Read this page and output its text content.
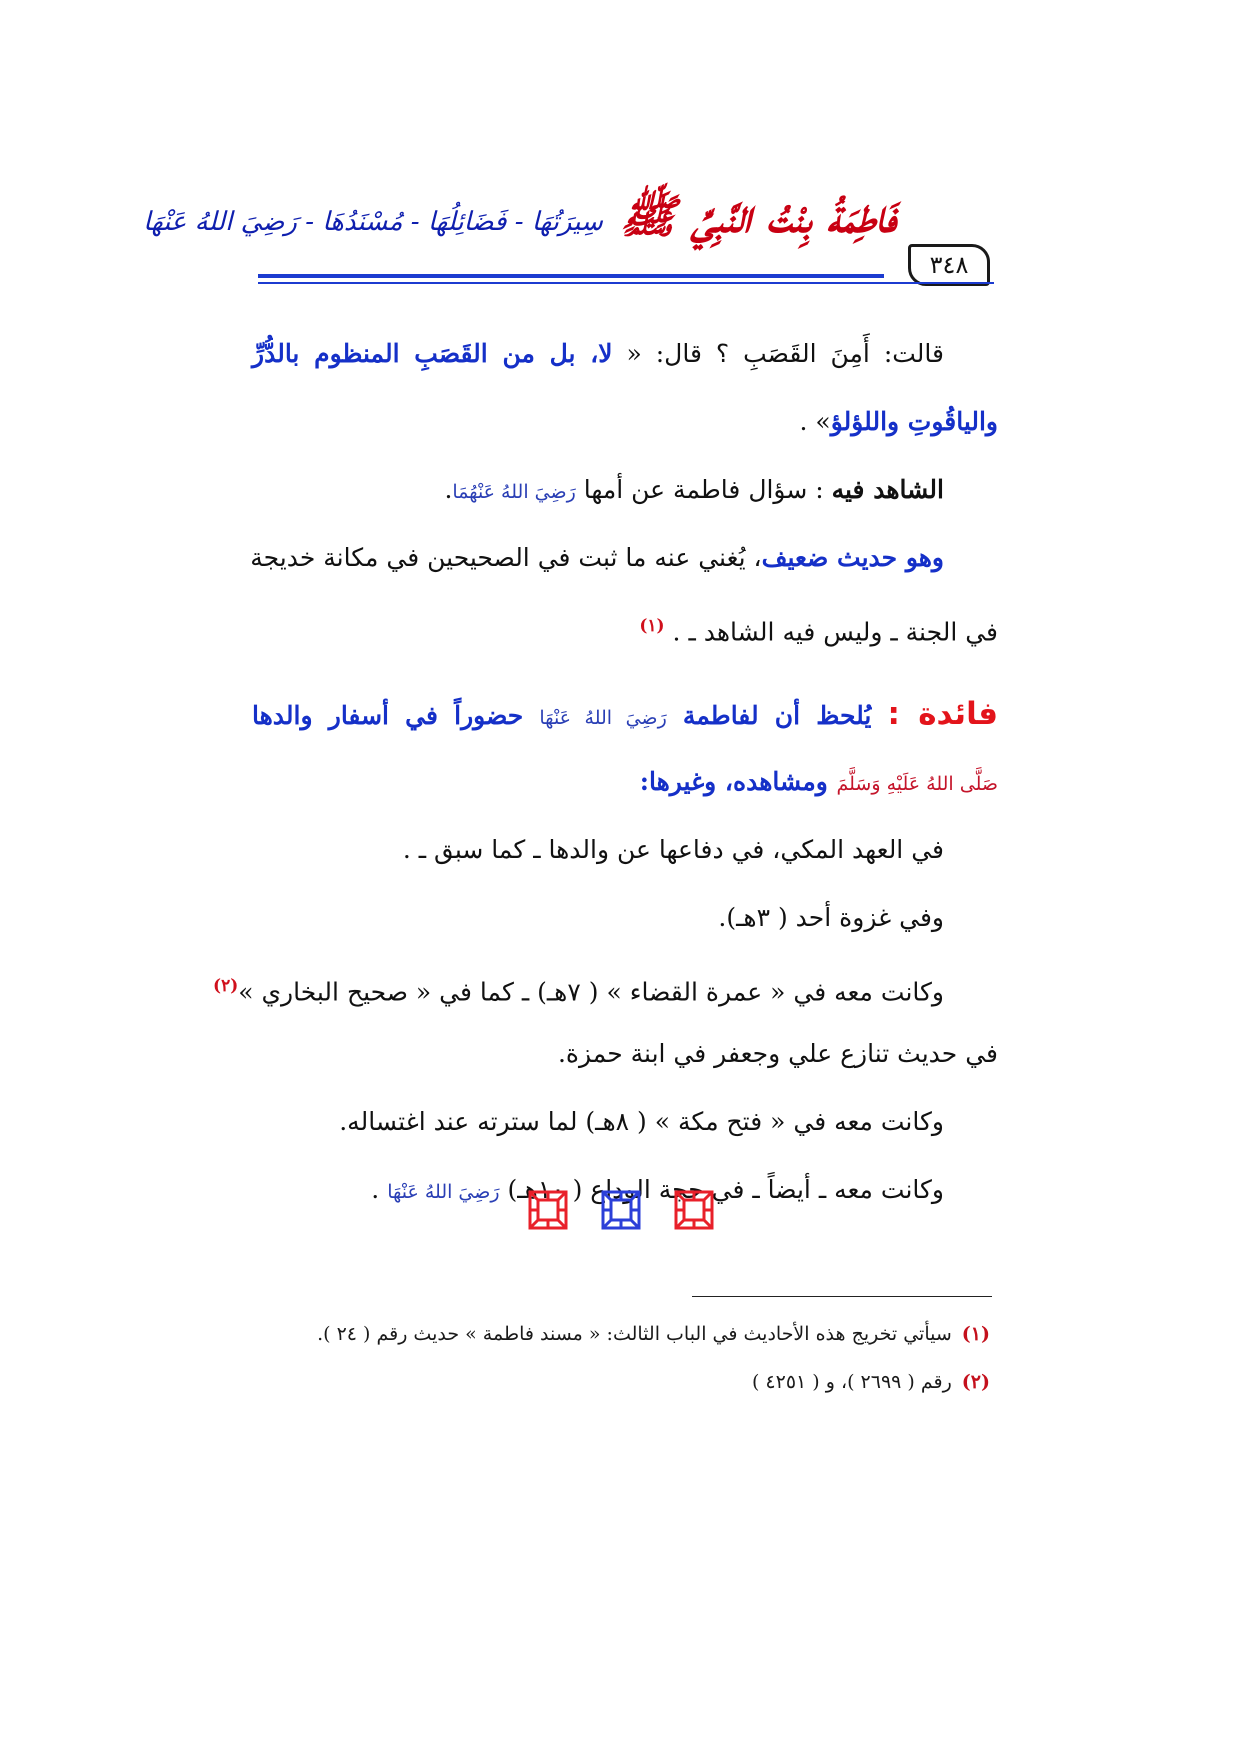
٣٤٨
فَاطِمَةُ بِنْتُ النَّبِيِّ ﷺ سِيرَتُهَا - فَضَائِلُهَا - مُسْنَدُهَا - رَضِيَ اللهُ عَنْهَا

قالت: أَمِنَ القَصَبِ ؟ قال: « لا، بل من القَصَبِ المنظوم بالدُّرِّ

والياقُوتِ واللؤلؤ» .

الشاهد فيه : سؤال فاطمة عن أمها رَضِيَ اللهُ عَنْهُمَا.

وهو حديث ضعيف، يُغني عنه ما ثبت في الصحيحين في مكانة خديجة

في الجنة ـ وليس فيه الشاهد ـ . $^{(١)}$

فائدة : يُلحظ أن لفاطمة رَضِيَ اللهُ عَنْهَا حضوراً في أسفار والدها

صَلَّى اللهُ عَلَيْهِ وَسَلَّمَ ومشاهده، وغيرها:

في العهد المكي، في دفاعها عن والدها ـ كما سبق ـ .

وفي غزوة أحد ( ٣هـ).

وكانت معه في « عمرة القضاء » ( ٧هـ) ـ كما في « صحيح البخاري »$^{(٢)}$

في حديث تنازع علي وجعفر في ابنة حمزة.

وكانت معه في « فتح مكة » ( ٨هـ) لما سترته عند اغتساله.

وكانت معه ـ أيضاً ـ في حجة الوداع ( ١٠هـ) رَضِيَ اللهُ عَنْهَا .

(١)سيأتي تخريج هذه الأحاديث في الباب الثالث: « مسند فاطمة » حديث رقم ( ٢٤ ).

(٢)رقم ( ٢٦٩٩ )، و ( ٤٢٥١ )
